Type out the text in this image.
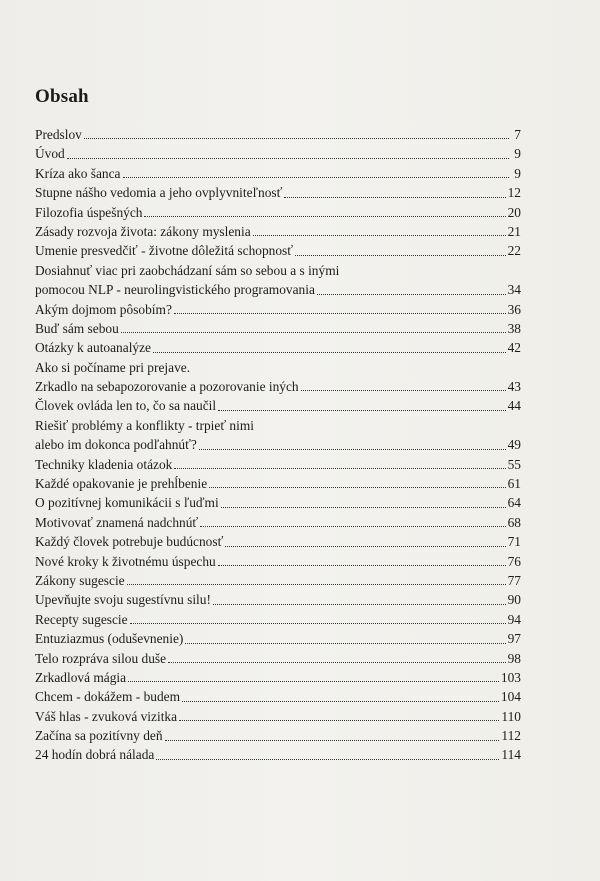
Obsah
Predslov	7
Úvod	9
Kríza ako šanca	9
Stupne nášho vedomia a jeho ovplyvniteľnosť	12
Filozofia úspešných	20
Zásady rozvoja života: zákony myslenia	21
Umenie presvedčiť - životne dôležitá schopnosť	22
Dosiahnuť viac pri zaobchádzaní sám so sebou a s inými
pomocou NLP - neurolingvistického programovania	34
Akým dojmom pôsobím?	36
Buď sám sebou	38
Otázky k autoanalýze	42
Ako si počíname pri prejave.
Zrkadlo na sebapozorovanie a pozorovanie iných	43
Človek ovláda len to, čo sa naučil	44
Riešiť problémy a konflikty - trpieť nimi
alebo im dokonca podľahnúť?	49
Techniky kladenia otázok	55
Každé opakovanie je prehĺbenie	61
O pozitívnej komunikácii s ľuďmi	64
Motivovať znamená nadchnúť	68
Každý človek potrebuje budúcnosť	71
Nové kroky k životnému úspechu	76
Zákony sugescie	77
Upevňujte svoju sugestívnu silu!	90
Recepty sugescie	94
Entuziazmus (oduševnenie)	97
Telo rozpráva silou duše	98
Zrkadlová mágia	103
Chcem - dokážem - budem	104
Váš hlas - zvuková vizitka	110
Začína sa pozitívny deň	112
24 hodín dobrá nálada	114
